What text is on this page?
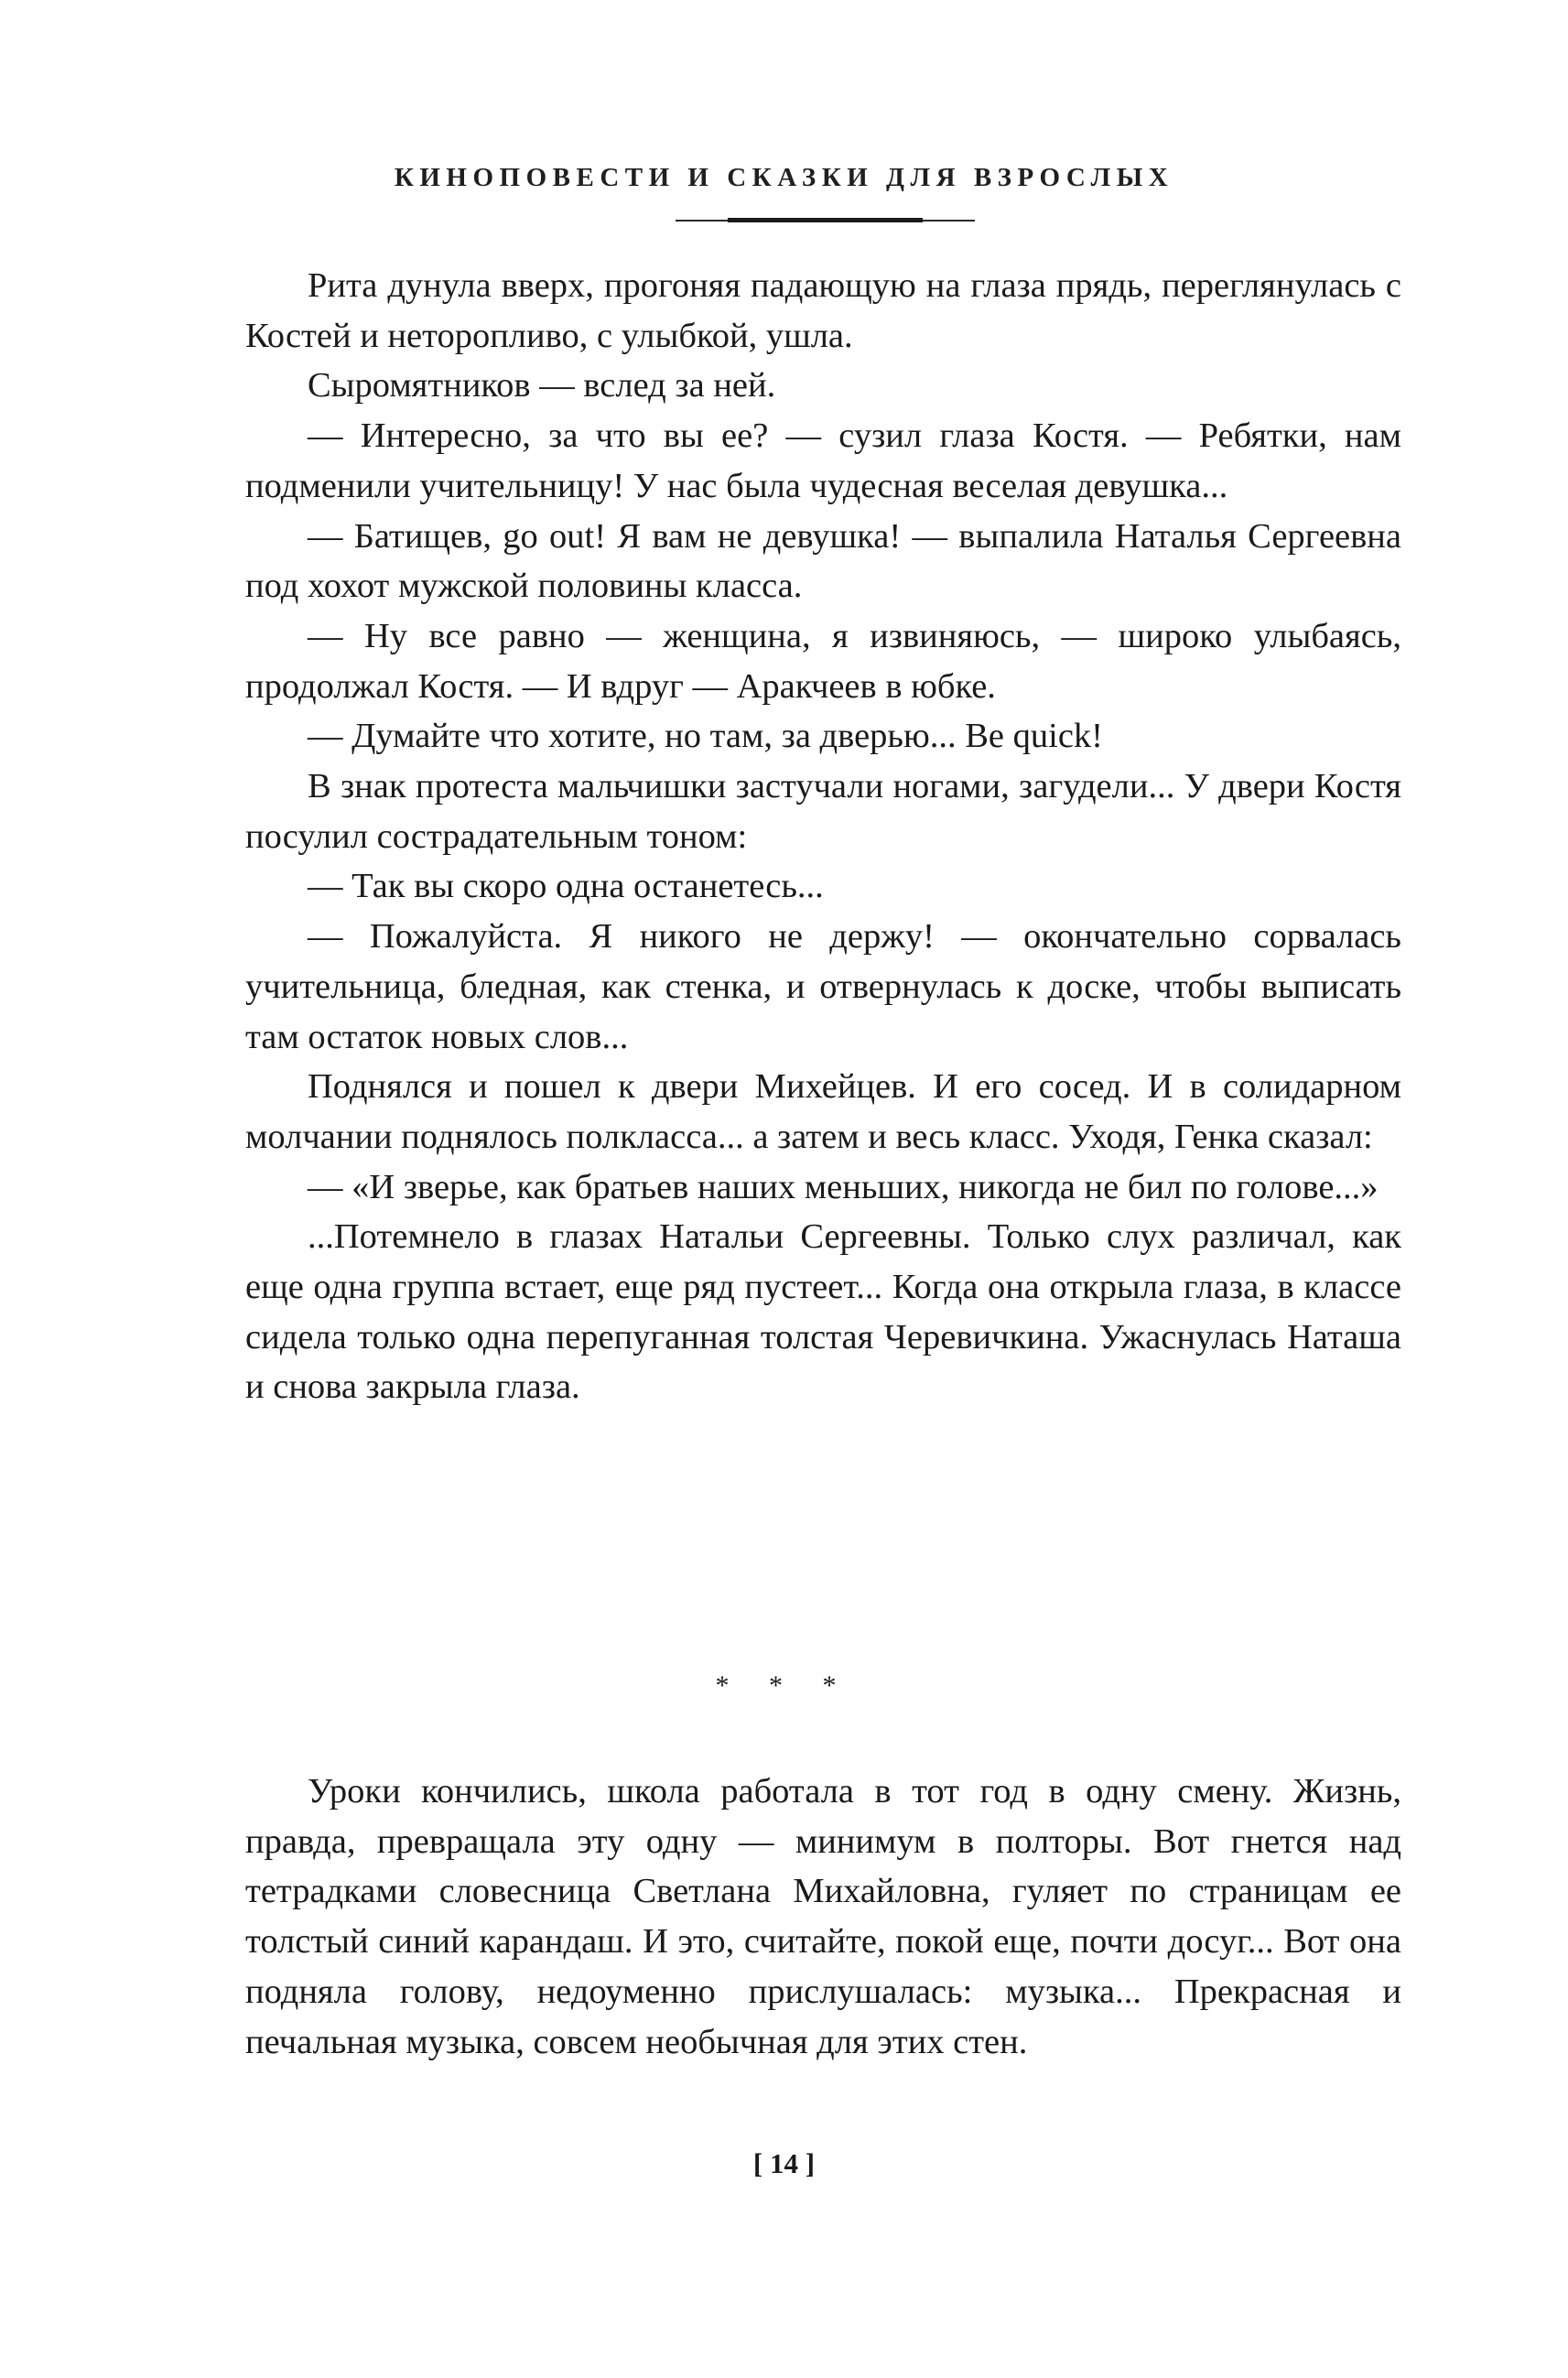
КИНОПОВЕСТИ И СКАЗКИ ДЛЯ ВЗРОСЛЫХ

Рита дунула вверх, прогоняя падающую на глаза прядь, переглянулась с Костей и неторопливо, с улыбкой, ушла.

Сыромятников — вслед за ней.

— Интересно, за что вы ее? — сузил глаза Костя. — Ребятки, нам подменили учительницу! У нас была чудесная веселая девушка...

— Батищев, go out! Я вам не девушка! — выпалила Наталья Сергеевна под хохот мужской половины класса.

— Ну все равно — женщина, я извиняюсь, — широко улыбаясь, продолжал Костя. — И вдруг — Аракчеев в юбке.

— Думайте что хотите, но там, за дверью... Be quick!

В знак протеста мальчишки застучали ногами, загудели... У двери Костя посулил сострадательным тоном:

— Так вы скоро одна останетесь...

— Пожалуйста. Я никого не держу! — окончательно сорвалась учительница, бледная, как стенка, и отвернулась к доске, чтобы выписать там остаток новых слов...

Поднялся и пошел к двери Михейцев. И его сосед. И в солидарном молчании поднялось полкласса... а затем и весь класс. Уходя, Генка сказал:

— «И зверье, как братьев наших меньших, никогда не бил по голове...»

...Потемнело в глазах Натальи Сергеевны. Только слух различал, как еще одна группа встает, еще ряд пустеет... Когда она открыла глаза, в классе сидела только одна перепуганная толстая Черевичкина. Ужаснулась Наташа и снова закрыла глаза.

* * *

Уроки кончились, школа работала в тот год в одну смену. Жизнь, правда, превращала эту одну — минимум в полторы. Вот гнется над тетрадками словесница Светлана Михайловна, гуляет по страницам ее толстый синий карандаш. И это, считайте, покой еще, почти досуг... Вот она подняла голову, недоуменно прислушалась: музыка... Прекрасная и печальная музыка, совсем необычная для этих стен.

[ 14 ]
